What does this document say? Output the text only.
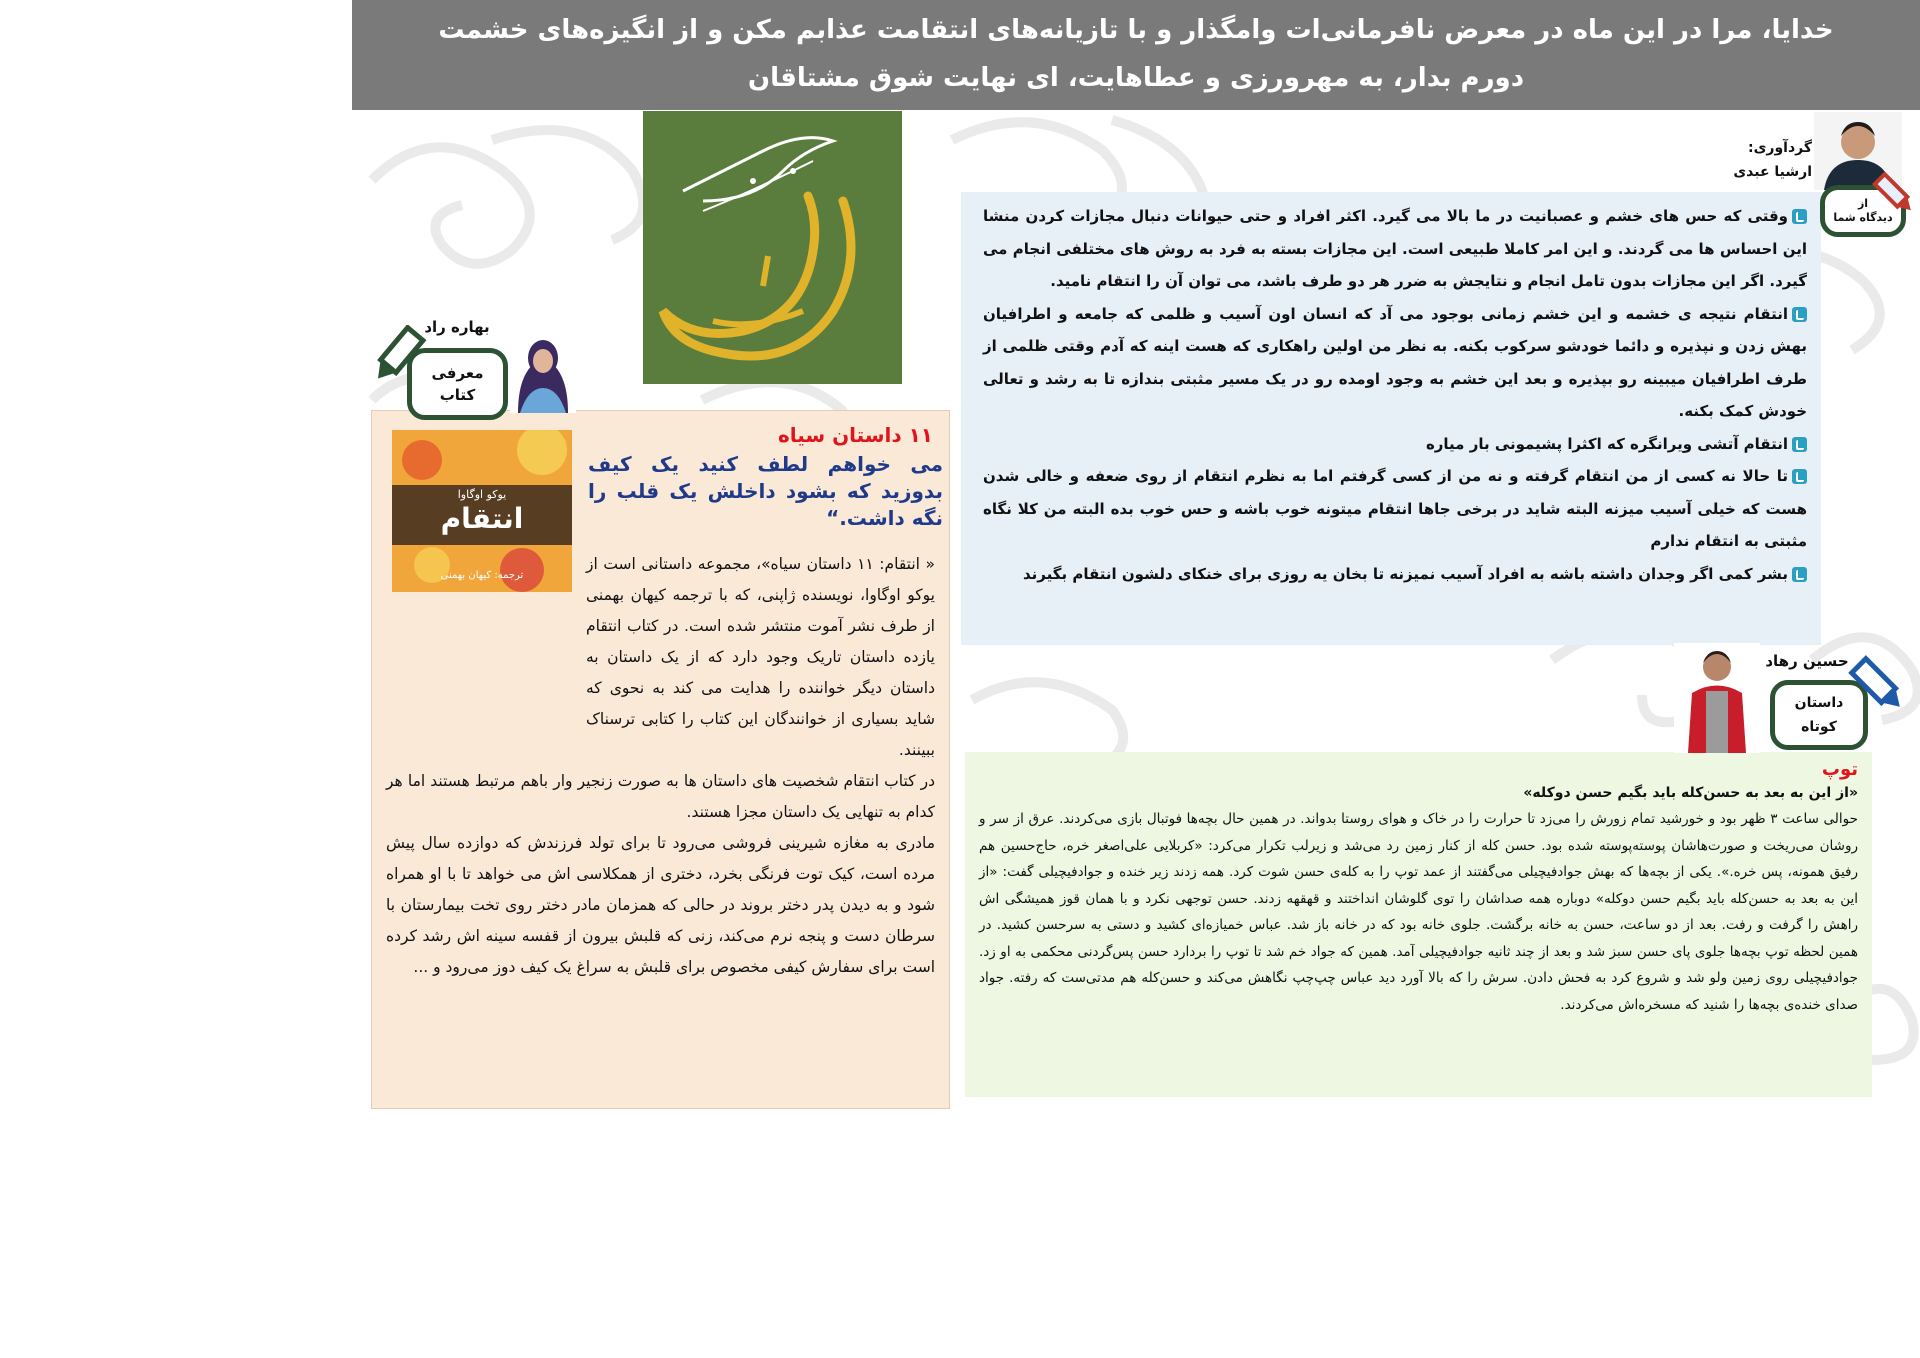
خدایا، مرا در این ماه در معرض نافرمانی‌ات وامگذار و با تازیانه‌های انتقامت عذابم مکن و از انگیزه‌های خشمت
دورم بدار، به مهرورزی و عطاهایت، ای نهایت شوق مشتاقان
گردآوری:
ارشیا عبدی
از
دیدگاه شما
وقتی که حس های خشم و عصبانیت در ما بالا می گیرد. اکثر افراد و حتی حیوانات دنبال مجازات کردن منشا این احساس ها می گردند. و این امر کاملا طبیعی است. این مجازات بسته به فرد به روش های مختلفی انجام می گیرد. اگر این مجازات بدون تامل انجام و نتایجش به ضرر هر دو طرف باشد، می توان آن را انتقام نامید.
انتقام نتیجه ی خشمه و این خشم زمانی بوجود می آد که انسان اون آسیب و ظلمی که جامعه و اطرافیان بهش زدن و نپذیره و دائما خودشو سرکوب بکنه. به نظر من اولین راهکاری که هست اینه که آدم وقتی ظلمی از طرف اطرافیان میبینه رو بپذیره و بعد این خشم به وجود اومده رو در یک مسیر مثبتی بندازه تا به رشد و تعالی خودش کمک بکنه.
انتقام آتشی ویرانگره که اکثرا پشیمونی بار میاره
تا حالا نه کسی از من انتقام گرفته و نه من از کسی گرفتم اما به نظرم انتقام از روی ضعفه و خالی شدن هست که خیلی آسیب میزنه البته شاید در برخی جاها انتقام میتونه خوب باشه و حس خوب بده البته من کلا نگاه مثبتی به انتقام ندارم
بشر کمی اگر وجدان داشته باشه به افراد آسیب نمیزنه تا بخان یه روزی برای خنکای دلشون انتقام بگیرند
بهاره راد
معرفی
کتاب
۱۱ داستان سیاه
می خواهم لطف کنید یک کیف بدوزید که بشود داخلش یک قلب را نگه داشت.“

« انتقام: ۱۱ داستان سیاه»، مجموعه داستانی است از یوکو اوگاوا، نویسنده ژاپنی، که با ترجمه کیهان بهمنی از طرف نشر آموت منتشر شده است. در کتاب انتقام یازده داستان تاریک وجود دارد که از یک داستان به داستان دیگر خواننده را هدایت می کند به نحوی که شاید بسیاری از خوانندگان این کتاب را کتابی ترسناک ببینند.

در کتاب انتقام شخصیت های داستان ها به صورت زنجیر وار باهم مرتبط هستند اما هر کدام به تنهایی یک داستان مجزا هستند.

مادری به مغازه شیرینی فروشی می‌رود تا برای تولد فرزندش که دوازده سال پیش مرده است، کیک توت فرنگی بخرد، دختری از همکلاسی اش می خواهد تا با او همراه شود و به دیدن پدر دختر بروند در حالی که همزمان مادر دختر روی تخت بیمارستان با سرطان دست و پنجه نرم می‌کند، زنی که قلبش بیرون از قفسه سینه اش رشد کرده است برای سفارش کیفی مخصوص برای قلبش به سراغ یک کیف دوز می‌رود و ...

یوکو اوگاوا
انتقام
ترجمه: کیهان بهمنی
حسین رهاد
داستان
کوتاه
توپ
«از این به بعد به حسن‌کله باید بگیم حسن دوکله»
حوالی ساعت ۳ ظهر بود و خورشید تمام زورش را می‌زد تا حرارت را در خاک و هوای روستا بدواند. در همین حال بچه‌ها فوتبال بازی می‌کردند. عرق از سر و روشان می‌ریخت و صورت‌هاشان پوسته‌پوسته شده بود. حسن کله از کنار زمین رد می‌شد و زیرلب تکرار می‌کرد: «کربلایی علی‌اصغر خره، حاج‌حسین هم رفیق همونه، پس خره.». یکی از بچه‌ها که بهش جوادفیچیلی می‌گفتند از عمد توپ را به کله‌ی حسن شوت کرد. همه زدند زیر خنده و جوادفیچیلی گفت: «از این به بعد به حسن‌کله باید بگیم حسن دوکله» دوباره همه صداشان را توی گلوشان انداختند و قهقهه زدند. حسن توجهی نکرد و با همان قوز همیشگی اش راهش را گرفت و رفت. بعد از دو ساعت، حسن به خانه برگشت. جلوی خانه بود که در خانه باز شد. عباس خمیازه‌ای کشید و دستی به سرحسن کشید. در همین لحظه توپ بچه‌ها جلوی پای حسن سبز شد و بعد از چند ثانیه جوادفیچیلی آمد. همین که جواد خم شد تا توپ را بردارد حسن پس‌گردنی محکمی به او زد. جوادفیچیلی روی زمین ولو شد و شروع کرد به فحش دادن. سرش را که بالا آورد دید عباس چپ‌چپ نگاهش می‌کند و حسن‌کله هم مدتی‌ست که رفته. جواد صدای خنده‌ی بچه‌ها را شنید که مسخره‌اش می‌کردند.
